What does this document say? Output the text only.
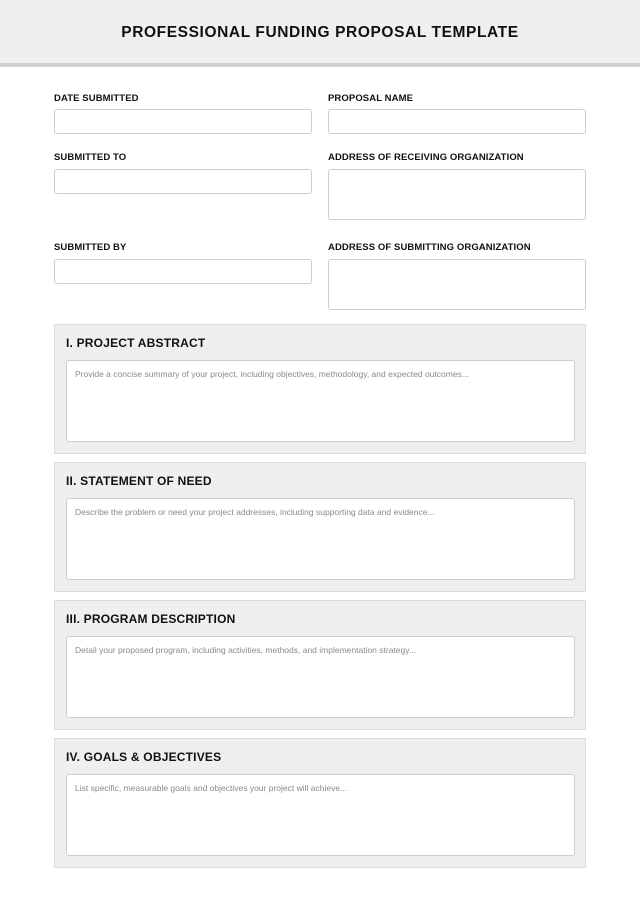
PROFESSIONAL FUNDING PROPOSAL TEMPLATE
DATE SUBMITTED	PROPOSAL NAME
SUBMITTED TO	ADDRESS OF RECEIVING ORGANIZATION
SUBMITTED BY	ADDRESS OF SUBMITTING ORGANIZATION
I. PROJECT ABSTRACT
Provide a concise summary of your project, including objectives, methodology, and expected outcomes...
II. STATEMENT OF NEED
Describe the problem or need your project addresses, including supporting data and evidence...
III. PROGRAM DESCRIPTION
Detail your proposed program, including activities, methods, and implementation strategy...
IV. GOALS & OBJECTIVES
List specific, measurable goals and objectives your project will achieve...
